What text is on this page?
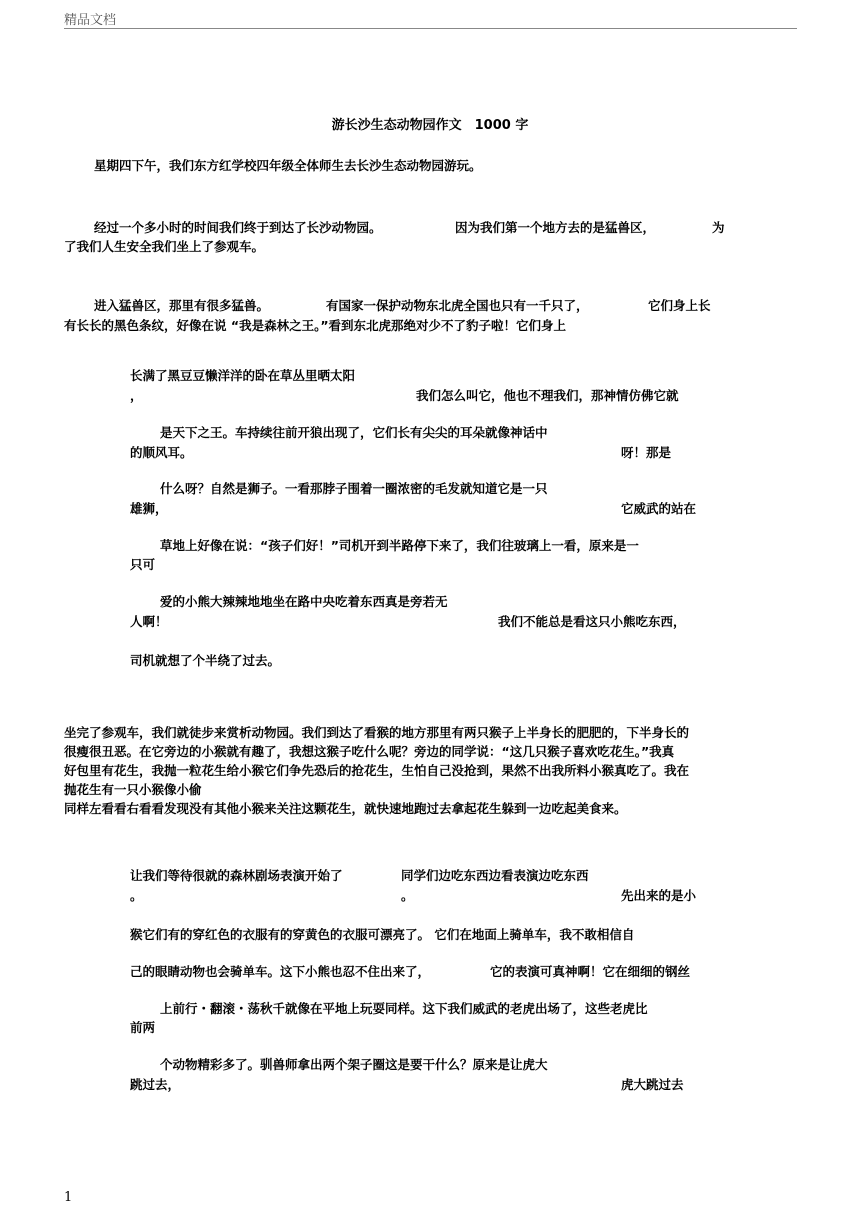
精品文档
游长沙生态动物园作文　1000 字
星期四下午，我们东方红学校四年级全体师生去长沙生态动物园游玩。
经过一个多小时的时间我们终于到达了长沙动物园。	因为我们第一个地方去的是猛兽区，	为
了我们人生安全我们坐上了参观车。
进入猛兽区，那里有很多猛兽。	有国家一保护动物东北虎全国也只有一千只了，	它们身上长
有长长的黑色条纹，好像在说 “我是森林之王。”看到东北虎那绝对少不了豹子啦！它们身上
长满了黑豆豆懒洋洋的卧在草丛里晒太阳
，	我们怎么叫它，他也不理我们，那神情仿佛它就
是天下之王。车持续往前开狼出现了，它们长有尖尖的耳朵就像神话中
的顺风耳。	呀！那是
什么呀？自然是狮子。一看那脖子围着一圈浓密的毛发就知道它是一只
雄狮，	它威武的站在
草地上好像在说：“孩子们好！”司机开到半路停下来了，我们往玻璃上一看，原来是一
只可
爱的小熊大辣辣地地坐在路中央吃着东西真是旁若无
人啊！	我们不能总是看这只小熊吃东西，
司机就想了个半绕了过去。
坐完了参观车，我们就徒步来赏析动物园。我们到达了看猴的地方那里有两只猴子上半身长的肥肥的，下半身长的
很瘦很丑恶。在它旁边的小猴就有趣了，我想这猴子吃什么呢？旁边的同学说：“这几只猴子喜欢吃花生。”我真
好包里有花生，我抛一粒花生给小猴它们争先恐后的抢花生，生怕自己没抢到，果然不出我所料小猴真吃了。我在
抛花生有一只小猴像小偷
同样左看看右看看发现没有其他小猴来关注这颗花生，就快速地跑过去拿起花生躲到一边吃起美食来。
让我们等待很就的森林剧场表演开始了	同学们边吃东西边看表演边吃东西
。	。	先出来的是小
猴它们有的穿红色的衣服有的穿黄色的衣服可漂亮了。 它们在地面上骑单车，我不敢相信自
己的眼睛动物也会骑单车。这下小熊也忍不住出来了，	它的表演可真神啊！它在细细的钢丝
上前行・翻滚・荡秋千就像在平地上玩耍同样。这下我们威武的老虎出场了，这些老虎比
前两
个动物精彩多了。驯兽师拿出两个架子圈这是要干什么？原来是让虎大
跳过去，	虎大跳过去
1
